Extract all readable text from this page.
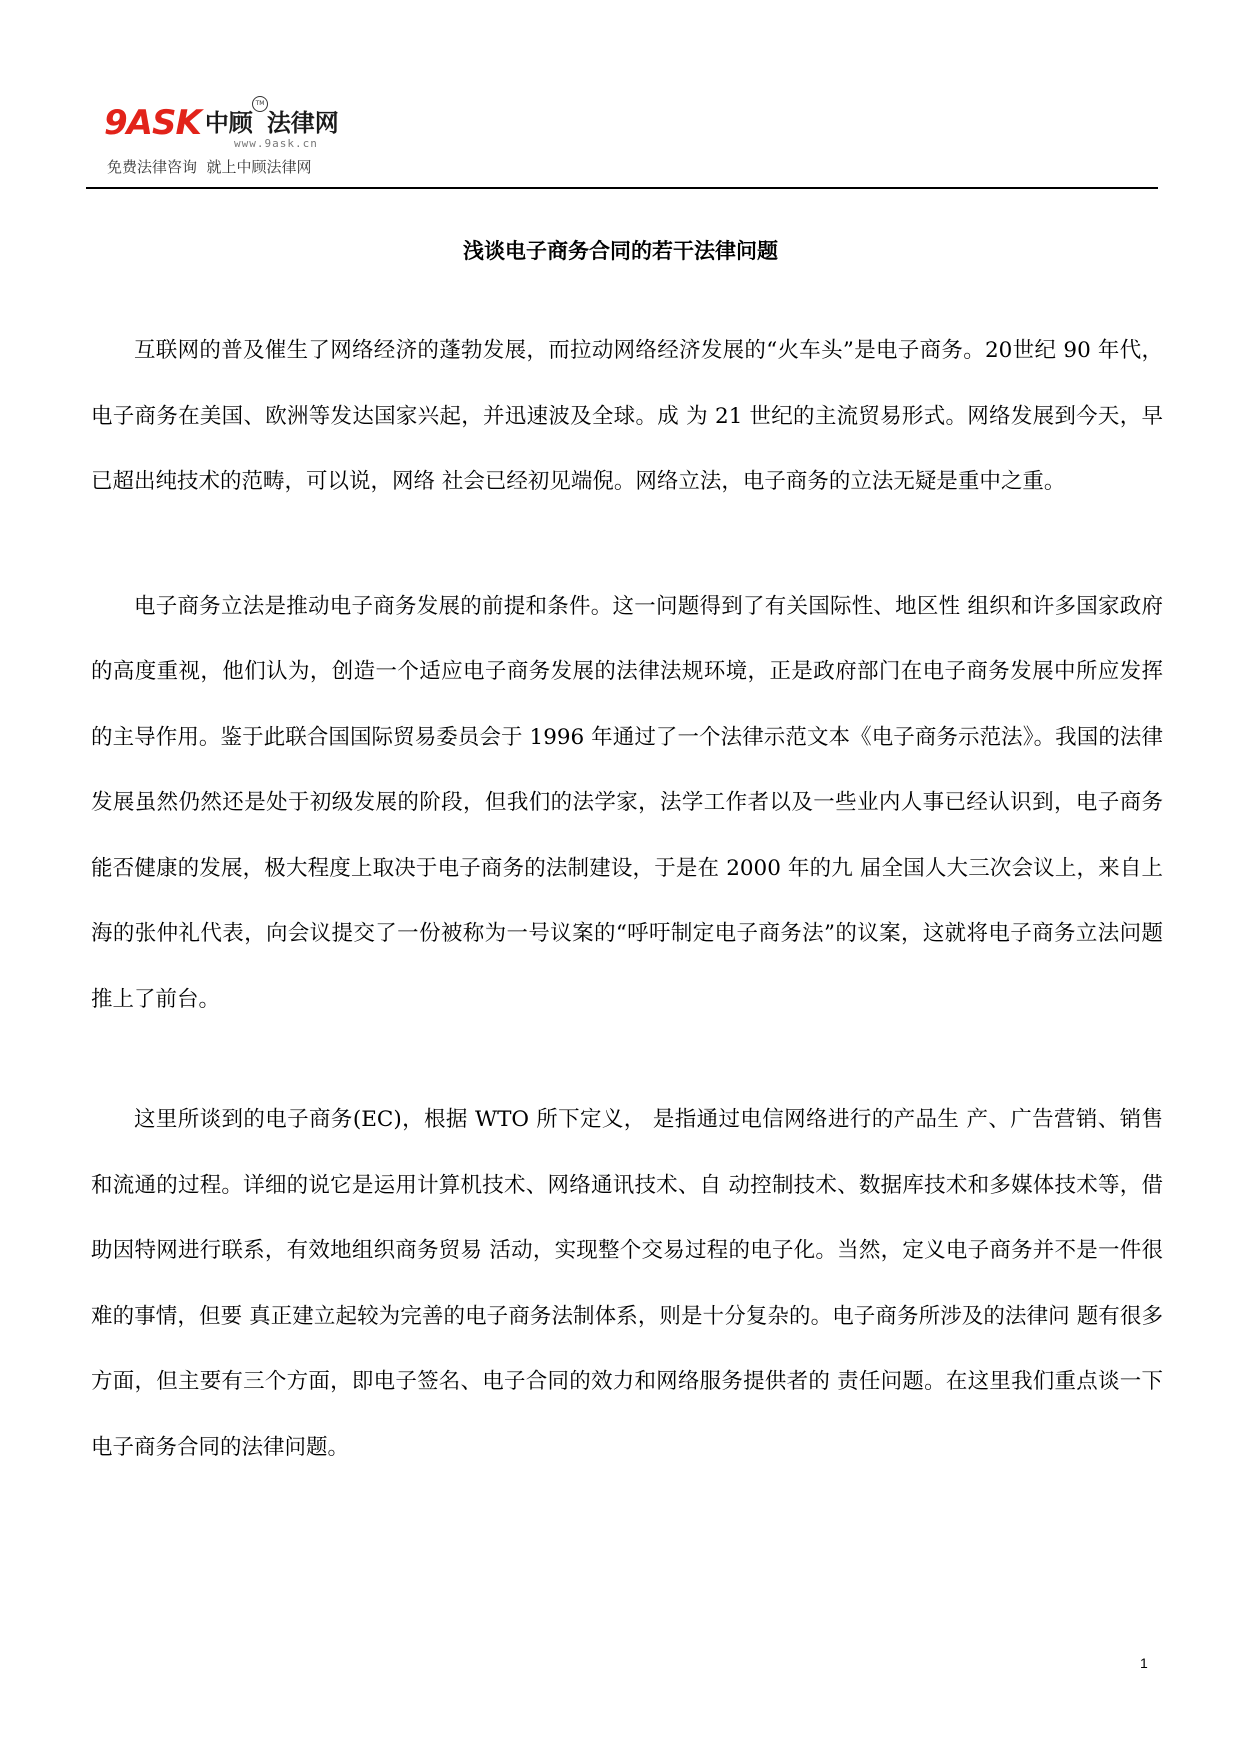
9ASK 中顾 法律网
TM
www.9ask.cn
免费法律咨询  就上中顾法律网
浅谈电子商务合同的若干法律问题

互联网的普及催生了网络经济的蓬勃发展，而拉动网络经济发展的“火车头”是电子商务。20世纪 90 年代，电子商务在美国、欧洲等发达国家兴起，并迅速波及全球。成 为 21 世纪的主流贸易形式。网络发展到今天，早已超出纯技术的范畴，可以说，网络 社会已经初见端倪。网络立法，电子商务的立法无疑是重中之重。

电子商务立法是推动电子商务发展的前提和条件。这一问题得到了有关国际性、地区性 组织和许多国家政府的高度重视，他们认为，创造一个适应电子商务发展的法律法规环境，正是政府部门在电子商务发展中所应发挥的主导作用。鉴于此联合国国际贸易委员会于 1996 年通过了一个法律示范文本《电子商务示范法》。我国的法律发展虽然仍然还是处于初级发展的阶段，但我们的法学家，法学工作者以及一些业内人事已经认识到，电子商务能否健康的发展，极大程度上取决于电子商务的法制建设，于是在 2000 年的九 届全国人大三次会议上，来自上海的张仲礼代表，向会议提交了一份被称为一号议案的“呼吁制定电子商务法”的议案，这就将电子商务立法问题推上了前台。

这里所谈到的电子商务(EC)，根据 WTO 所下定义， 是指通过电信网络进行的产品生 产、广告营销、销售和流通的过程。详细的说它是运用计算机技术、网络通讯技术、自 动控制技术、数据库技术和多媒体技术等，借助因特网进行联系，有效地组织商务贸易 活动，实现整个交易过程的电子化。当然，定义电子商务并不是一件很难的事情，但要 真正建立起较为完善的电子商务法制体系，则是十分复杂的。电子商务所涉及的法律问 题有很多方面，但主要有三个方面，即电子签名、电子合同的效力和网络服务提供者的 责任问题。在这里我们重点谈一下电子商务合同的法律问题。

1
